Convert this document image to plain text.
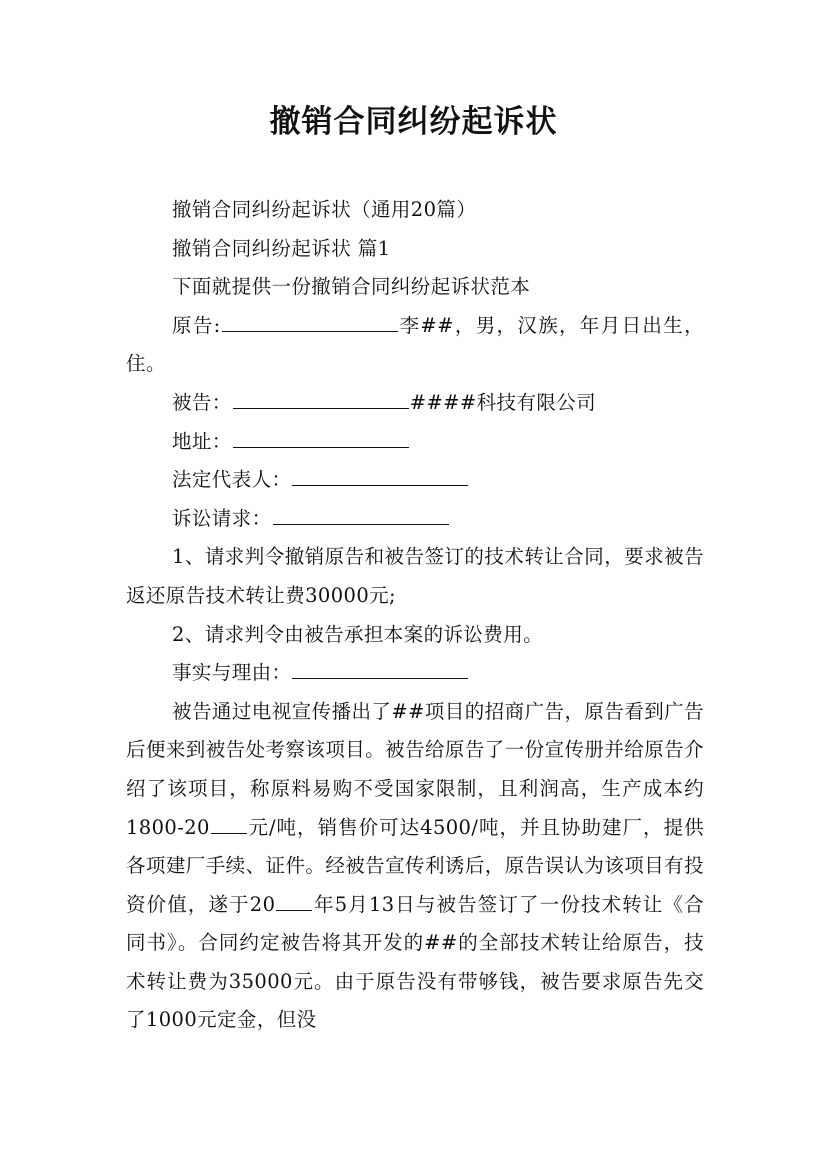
撤销合同纠纷起诉状

撤销合同纠纷起诉状（通用20篇）

撤销合同纠纷起诉状 篇1

下面就提供一份撤销合同纠纷起诉状范本

原告:	李##，男，汉族，年月日出生，住。

被告：	####科技有限公司

地址：

法定代表人：

诉讼请求：

1、请求判令撤销原告和被告签订的技术转让合同，要求被告返还原告技术转让费30000元;

2、请求判令由被告承担本案的诉讼费用。

事实与理由：

被告通过电视宣传播出了##项目的招商广告，原告看到广告后便来到被告处考察该项目。被告给原告了一份宣传册并给原告介绍了该项目，称原料易购不受国家限制，且利润高，生产成本约1800-20 元/吨，销售价可达4500/吨，并且协助建厂，提供各项建厂手续、证件。经被告宣传利诱后，原告误认为该项目有投资价值，遂于20 年5月13日与被告签订了一份技术转让《合同书》。合同约定被告将其开发的##的全部技术转让给原告，技术转让费为35000元。由于原告没有带够钱，被告要求原告先交了1000元定金，但没
